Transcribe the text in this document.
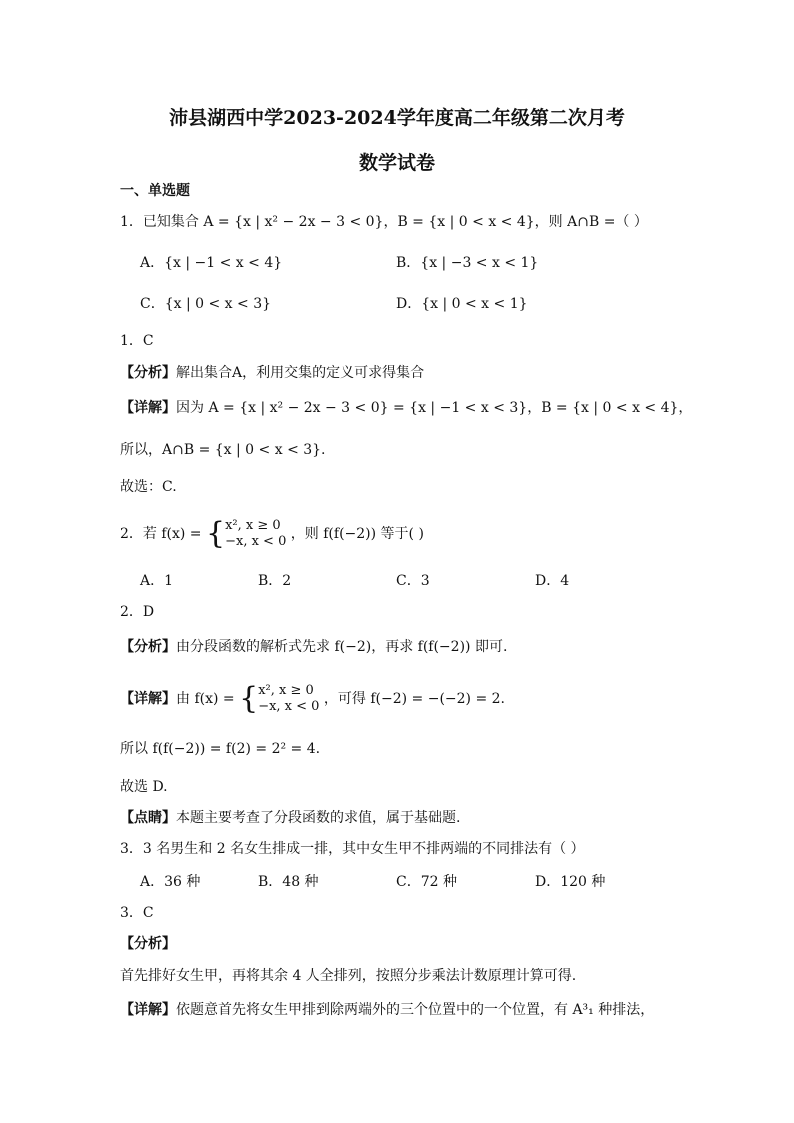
沛县湖西中学2023-2024学年度高二年级第二次月考
数学试卷
一、单选题
1．已知集合 A = {x | x² − 2x − 3 < 0}，B = {x | 0 < x < 4}，则 A∩B =（ ）
A．{x | −1 < x < 4}	B．{x | −3 < x < 1}
C．{x | 0 < x < 3}	D．{x | 0 < x < 1}
1．C
【分析】解出集合A，利用交集的定义可求得集合
【详解】因为 A = {x | x² − 2x − 3 < 0} = {x | −1 < x < 3}，B = {x | 0 < x < 4}，
所以，A∩B = {x | 0 < x < 3}.
故选：C.
2．若 f(x) = { x², x ≥ 0
−x, x < 0 ，则 f(f(−2)) 等于( )
A．1	B．2	C．3	D．4
2．D
【分析】由分段函数的解析式先求 f(−2)，再求 f(f(−2)) 即可.
【详解】由 f(x) = { x², x ≥ 0
−x, x < 0 ，可得 f(−2) = −(−2) = 2.
所以 f(f(−2)) = f(2) = 2² = 4.
故选 D.
【点睛】本题主要考查了分段函数的求值，属于基础题.
3．3 名男生和 2 名女生排成一排，其中女生甲不排两端的不同排法有（ ）
A．36 种	B．48 种	C．72 种	D．120 种
3．C
【分析】
首先排好女生甲，再将其余 4 人全排列，按照分步乘法计数原理计算可得.
【详解】依题意首先将女生甲排到除两端外的三个位置中的一个位置，有 A³₁ 种排法，
